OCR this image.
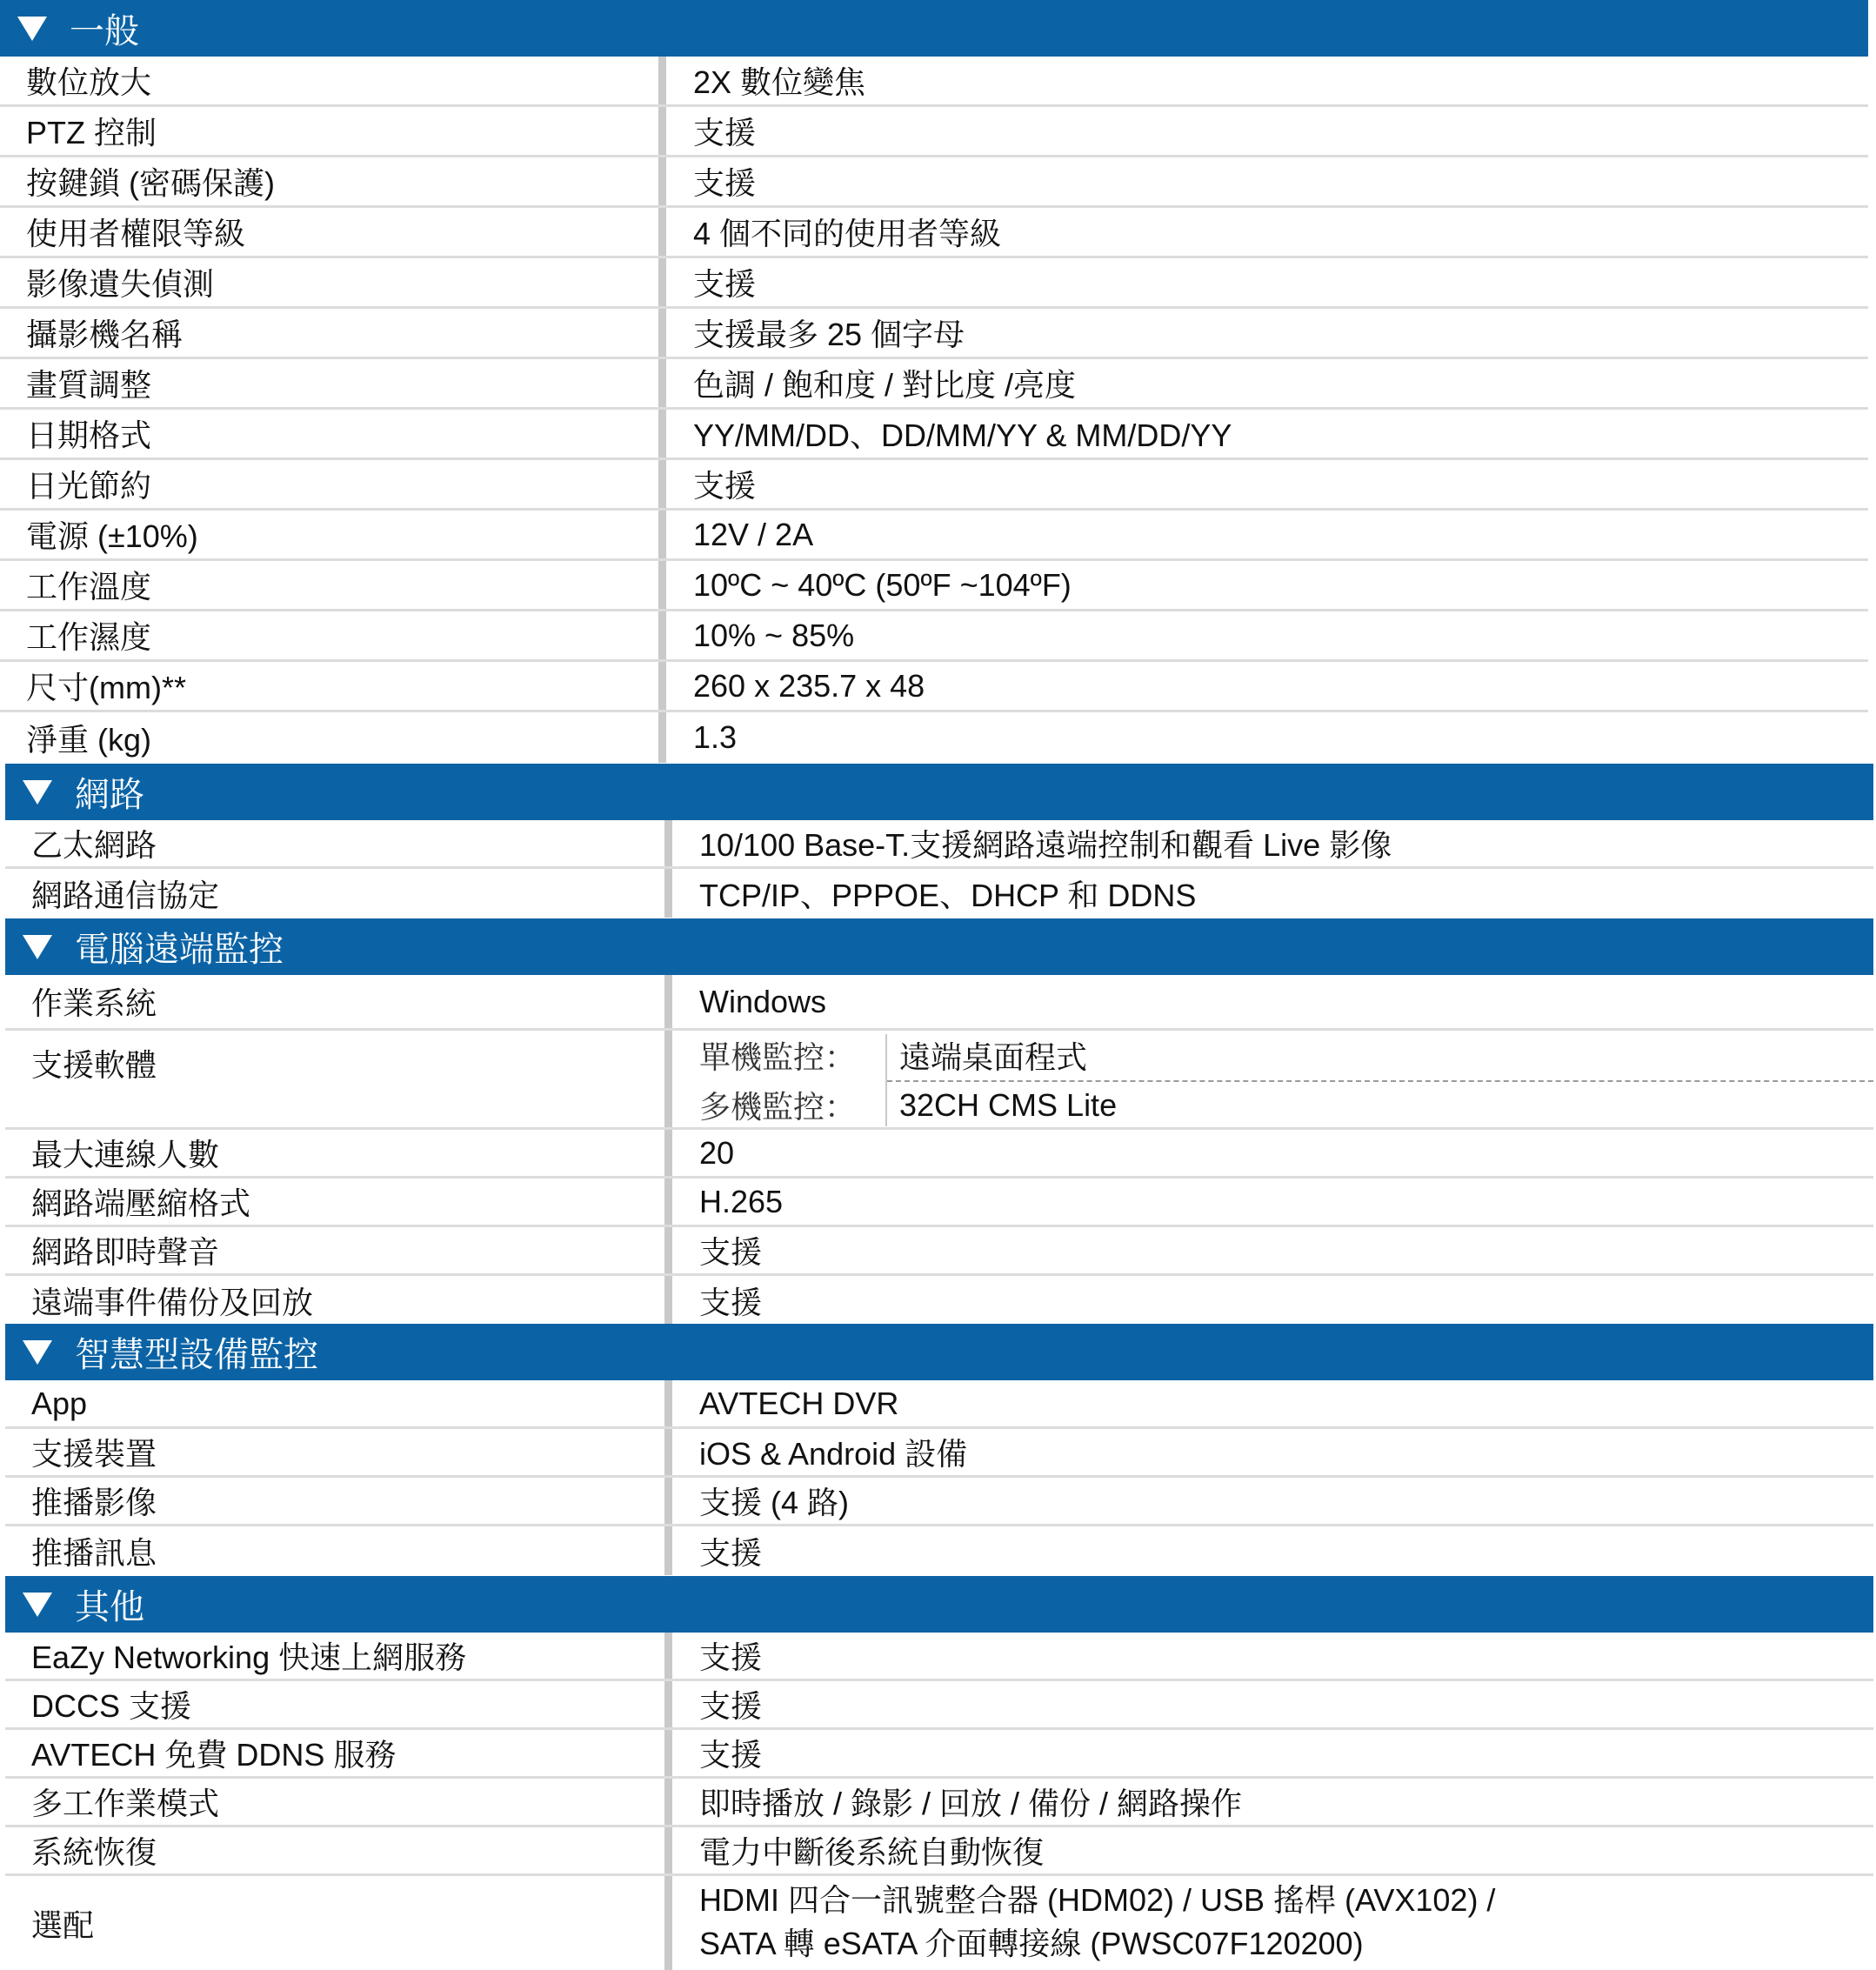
一般
數位放大	2X 數位變焦
PTZ 控制	支援
按鍵鎖 (密碼保護)	支援
使用者權限等級	4 個不同的使用者等級
影像遺失偵測	支援
攝影機名稱	支援最多 25 個字母
畫質調整	色調 / 飽和度 / 對比度 /亮度
日期格式	YY/MM/DD、DD/MM/YY & MM/DD/YY
日光節約	支援
電源 (±10%)	12V / 2A
工作溫度	10ºC ~ 40ºC (50ºF ~104ºF)
工作濕度	10% ~ 85%
尺寸(mm)**	260 x 235.7 x 48
淨重 (kg)	1.3
網路
乙太網路	10/100 Base-T.支援網路遠端控制和觀看 Live 影像
網路通信協定	TCP/IP、PPPOE、DHCP 和 DDNS
電腦遠端監控
作業系統	Windows
支援軟體	單機監控： 遠端桌面程式
多機監控： 32CH CMS Lite
最大連線人數	20
網路端壓縮格式	H.265
網路即時聲音	支援
遠端事件備份及回放	支援
智慧型設備監控
App	AVTECH DVR
支援裝置	iOS & Android 設備
推播影像	支援 (4 路)
推播訊息	支援
其他
EaZy Networking 快速上網服務	支援
DCCS 支援	支援
AVTECH 免費 DDNS 服務	支援
多工作業模式	即時播放 / 錄影 / 回放 / 備份 / 網路操作
系統恢復	電力中斷後系統自動恢復
選配
HDMI 四合一訊號整合器 (HDM02) / USB 搖桿 (AVX102) /
SATA 轉 eSATA 介面轉接線 (PWSC07F120200)
